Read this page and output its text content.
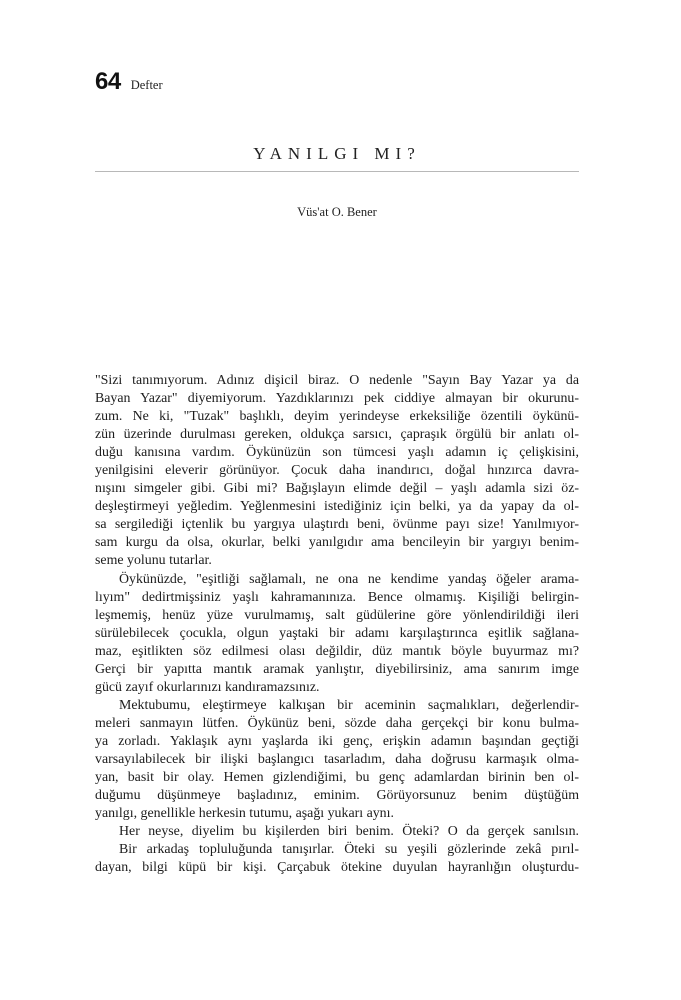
64 Defter
YANILGI MI?
Vüs'at O. Bener
"Sizi tanımıyorum. Adınız dişicil biraz. O nedenle "Sayın Bay Yazar ya da
Bayan Yazar" diyemiyorum. Yazdıklarınızı pek ciddiye almayan bir okurunu-
zum. Ne ki, "Tuzak" başlıklı, deyim yerindeyse erkeksiliğe özentili öykünü-
zün üzerinde durulması gereken, oldukça sarsıcı, çapraşık örgülü bir anlatı ol-
duğu kanısına vardım. Öykünüzün son tümcesi yaşlı adamın iç çelişkisini,
yenilgisini eleverir görünüyor. Çocuk daha inandırıcı, doğal hınzırca davra-
nışını simgeler gibi. Gibi mi? Bağışlayın elimde değil – yaşlı adamla sizi öz-
deşleştirmeyi yeğledim. Yeğlenmesini istediğiniz için belki, ya da yapay da ol-
sa sergilediği içtenlik bu yargıya ulaştırdı beni, övünme payı size! Yanılmıyor-
sam kurgu da olsa, okurlar, belki yanılgıdır ama bencileyin bir yargıyı benim-
seme yolunu tutarlar.
Öykünüzde, "eşitliği sağlamalı, ne ona ne kendime yandaş öğeler arama-
lıyım" dedirtmişsiniz yaşlı kahramanınıza. Bence olmamış. Kişiliği belirgin-
leşmemiş, henüz yüze vurulmamış, salt güdülerine göre yönlendirildiği ileri
sürülebilecek çocukla, olgun yaştaki bir adamı karşılaştırınca eşitlik sağlana-
maz, eşitlikten söz edilmesi olası değildir, düz mantık böyle buyurmaz mı?
Gerçi bir yapıtta mantık aramak yanlıştır, diyebilirsiniz, ama sanırım imge
gücü zayıf okurlarınızı kandıramazsınız.
Mektubumu, eleştirmeye kalkışan bir aceminin saçmalıkları, değerlendir-
meleri sanmayın lütfen. Öykünüz beni, sözde daha gerçekçi bir konu bulma-
ya zorladı. Yaklaşık aynı yaşlarda iki genç, erişkin adamın başından geçtiği
varsayılabilecek bir ilişki başlangıcı tasarladım, daha doğrusu karmaşık olma-
yan, basit bir olay. Hemen gizlendiğimi, bu genç adamlardan birinin ben ol-
duğumu düşünmeye başladınız, eminim. Görüyorsunuz benim düştüğüm
yanılgı, genellikle herkesin tutumu, aşağı yukarı aynı.
Her neyse, diyelim bu kişilerden biri benim. Öteki? O da gerçek sanılsın.
Bir arkadaş topluluğunda tanışırlar. Öteki su yeşili gözlerinde zekâ pırıl-
dayan, bilgi küpü bir kişi. Çarçabuk ötekine duyulan hayranlığın oluşturdu-
